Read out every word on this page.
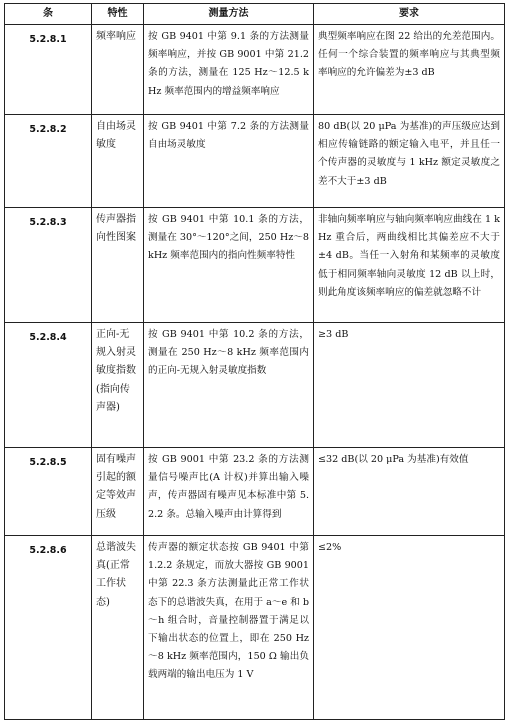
条	特性	测量方法	要求
5.2.8.1	频率响应	按 GB 9401 中第 9.1 条的方法测量频率响应，并按 GB 9001 中第 21.2 条的方法，测量在 125 Hz～12.5 kHz 频率范围内的增益频率响应	典型频率响应在图 22 给出的允差范围内。任何一个综合装置的频率响应与其典型频率响应的允许偏差为±3 dB
5.2.8.2	自由场灵敏度	按 GB 9401 中第 7.2 条的方法测量自由场灵敏度	80 dB(以 20 μPa 为基准)的声压级应达到相应传输链路的额定输入电平，并且任一个传声器的灵敏度与 1 kHz 额定灵敏度之差不大于±3 dB
5.2.8.3	传声器指向性图案	按 GB 9401 中第 10.1 条的方法，测量在 30°～120°之间，250 Hz～8 kHz 频率范围内的指向性频率特性	非轴向频率响应与轴向频率响应曲线在 1 kHz 重合后，两曲线相比其偏差应不大于±4 dB。当任一入射角和某频率的灵敏度低于相同频率轴向灵敏度 12 dB 以上时，则此角度该频率响应的偏差就忽略不计
5.2.8.4	正向-无规入射灵敏度指数(指向传声器)	按 GB 9401 中第 10.2 条的方法，测量在 250 Hz～8 kHz 频率范围内的正向-无规入射灵敏度指数	≥3 dB
5.2.8.5	固有噪声引起的额定等效声压级	按 GB 9001 中第 23.2 条的方法测量信号噪声比(A 计权)并算出输入噪声，传声器固有噪声见本标准中第 5.2.2 条。总输入噪声由计算得到	≤32 dB(以 20 μPa 为基准)有效值
5.2.8.6	总谐波失真(正常工作状态)	传声器的额定状态按 GB 9401 中第 1.2.2 条规定，而放大器按 GB 9001 中第 22.3 条方法测量此正常工作状态下的总谐波失真，在用于 a～e 和 b～h 组合时，音量控制器置于满足以下输出状态的位置上，即在 250 Hz～8 kHz 频率范围内，150 Ω 输出负载两端的输出电压为 1 V	≤2%
